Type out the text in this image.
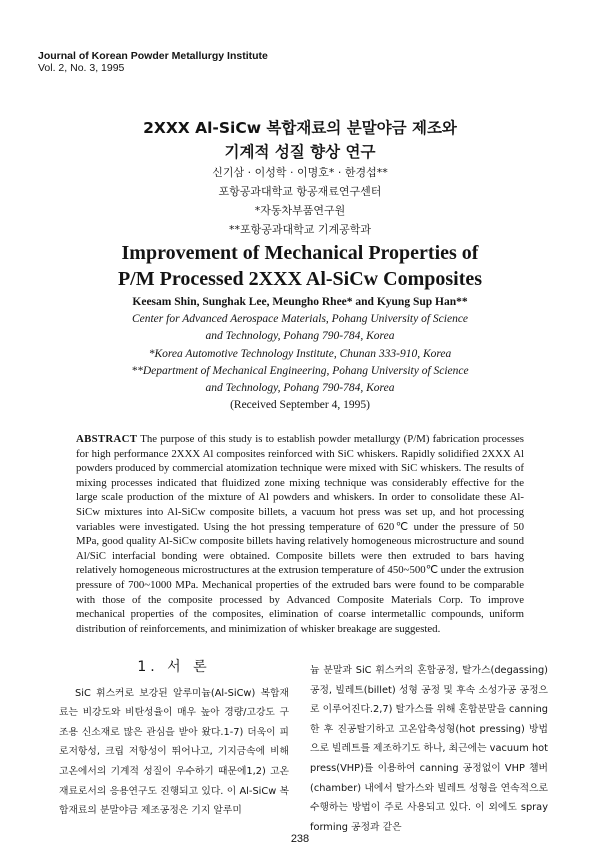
Journal of Korean Powder Metallurgy Institute
Vol. 2, No. 3, 1995
2XXX Al-SiCw 복합재료의 분말야금 제조와
기계적 성질 향상 연구
신기삼 · 이성학 · 이명호* · 한경섭**
포항공과대학교 항공재료연구센터
*자동차부품연구원
**포항공과대학교 기계공학과
Improvement of Mechanical Properties of
P/M Processed 2XXX Al-SiCw Composites
Keesam Shin, Sunghak Lee, Meungho Rhee* and Kyung Sup Han**
Center for Advanced Aerospace Materials, Pohang University of Science
and Technology, Pohang 790-784, Korea
*Korea Automotive Technology Institute, Chunan 333-910, Korea
**Department of Mechanical Engineering, Pohang University of Science
and Technology, Pohang 790-784, Korea
(Received September 4, 1995)
ABSTRACT The purpose of this study is to establish powder metallurgy (P/M) fabrication processes for high performance 2XXX Al composites reinforced with SiC whiskers. Rapidly solidified 2XXX Al powders produced by commercial atomization technique were mixed with SiC whiskers. The results of mixing processes indicated that fluidized zone mixing technique was considerably effective for the large scale production of the mixture of Al powders and whiskers. In order to consolidate these Al-SiCw mixtures into Al-SiCw composite billets, a vacuum hot press was set up, and hot processing variables were investigated. Using the hot pressing temperature of 620℃ under the pressure of 50 MPa, good quality Al-SiCw composite billets having relatively homogeneous microstructure and sound Al/SiC interfacial bonding were obtained. Composite billets were then extruded to bars having relatively homogeneous microstructures at the extrusion temperature of 450~500℃ under the extrusion pressure of 700~1000 MPa. Mechanical properties of the extruded bars were found to be comparable with those of the composite processed by Advanced Composite Materials Corp. To improve mechanical properties of the composites, elimination of coarse intermetallic compounds, uniform distribution of reinforcements, and minimization of whisker breakage are suggested.
1. 서 론

SiC 휘스커로 보강된 알루미늄(Al-SiCw) 복합재료는 비강도와 비탄성율이 매우 높아 경량/고강도 구조용 신소재로 많은 관심을 받아 왔다.1-7) 더욱이 피로저항성, 크립 저항성이 뛰어나고, 기지금속에 비해 고온에서의 기계적 성질이 우수하기 때문에1,2) 고온재료로서의 응용연구도 진행되고 있다. 이 Al-SiCw 복합재료의 분말야금 제조공정은 기지 알루미

늄 분말과 SiC 휘스커의 혼합공정, 탈가스(degassing) 공정, 빌레트(billet) 성형 공정 및 후속 소성가공 공정으로 이루어진다.2,7) 탈가스를 위해 혼합분말을 canning한 후 진공탈기하고 고온압축성형(hot pressing) 방법으로 빌레트를 제조하기도 하나, 최근에는 vacuum hot press(VHP)를 이용하여 canning 공정없이 VHP 챔버(chamber) 내에서 탈가스와 빌레트 성형을 연속적으로 수행하는 방법이 주로 사용되고 있다. 이 외에도 spray forming 공정과 같은

238
